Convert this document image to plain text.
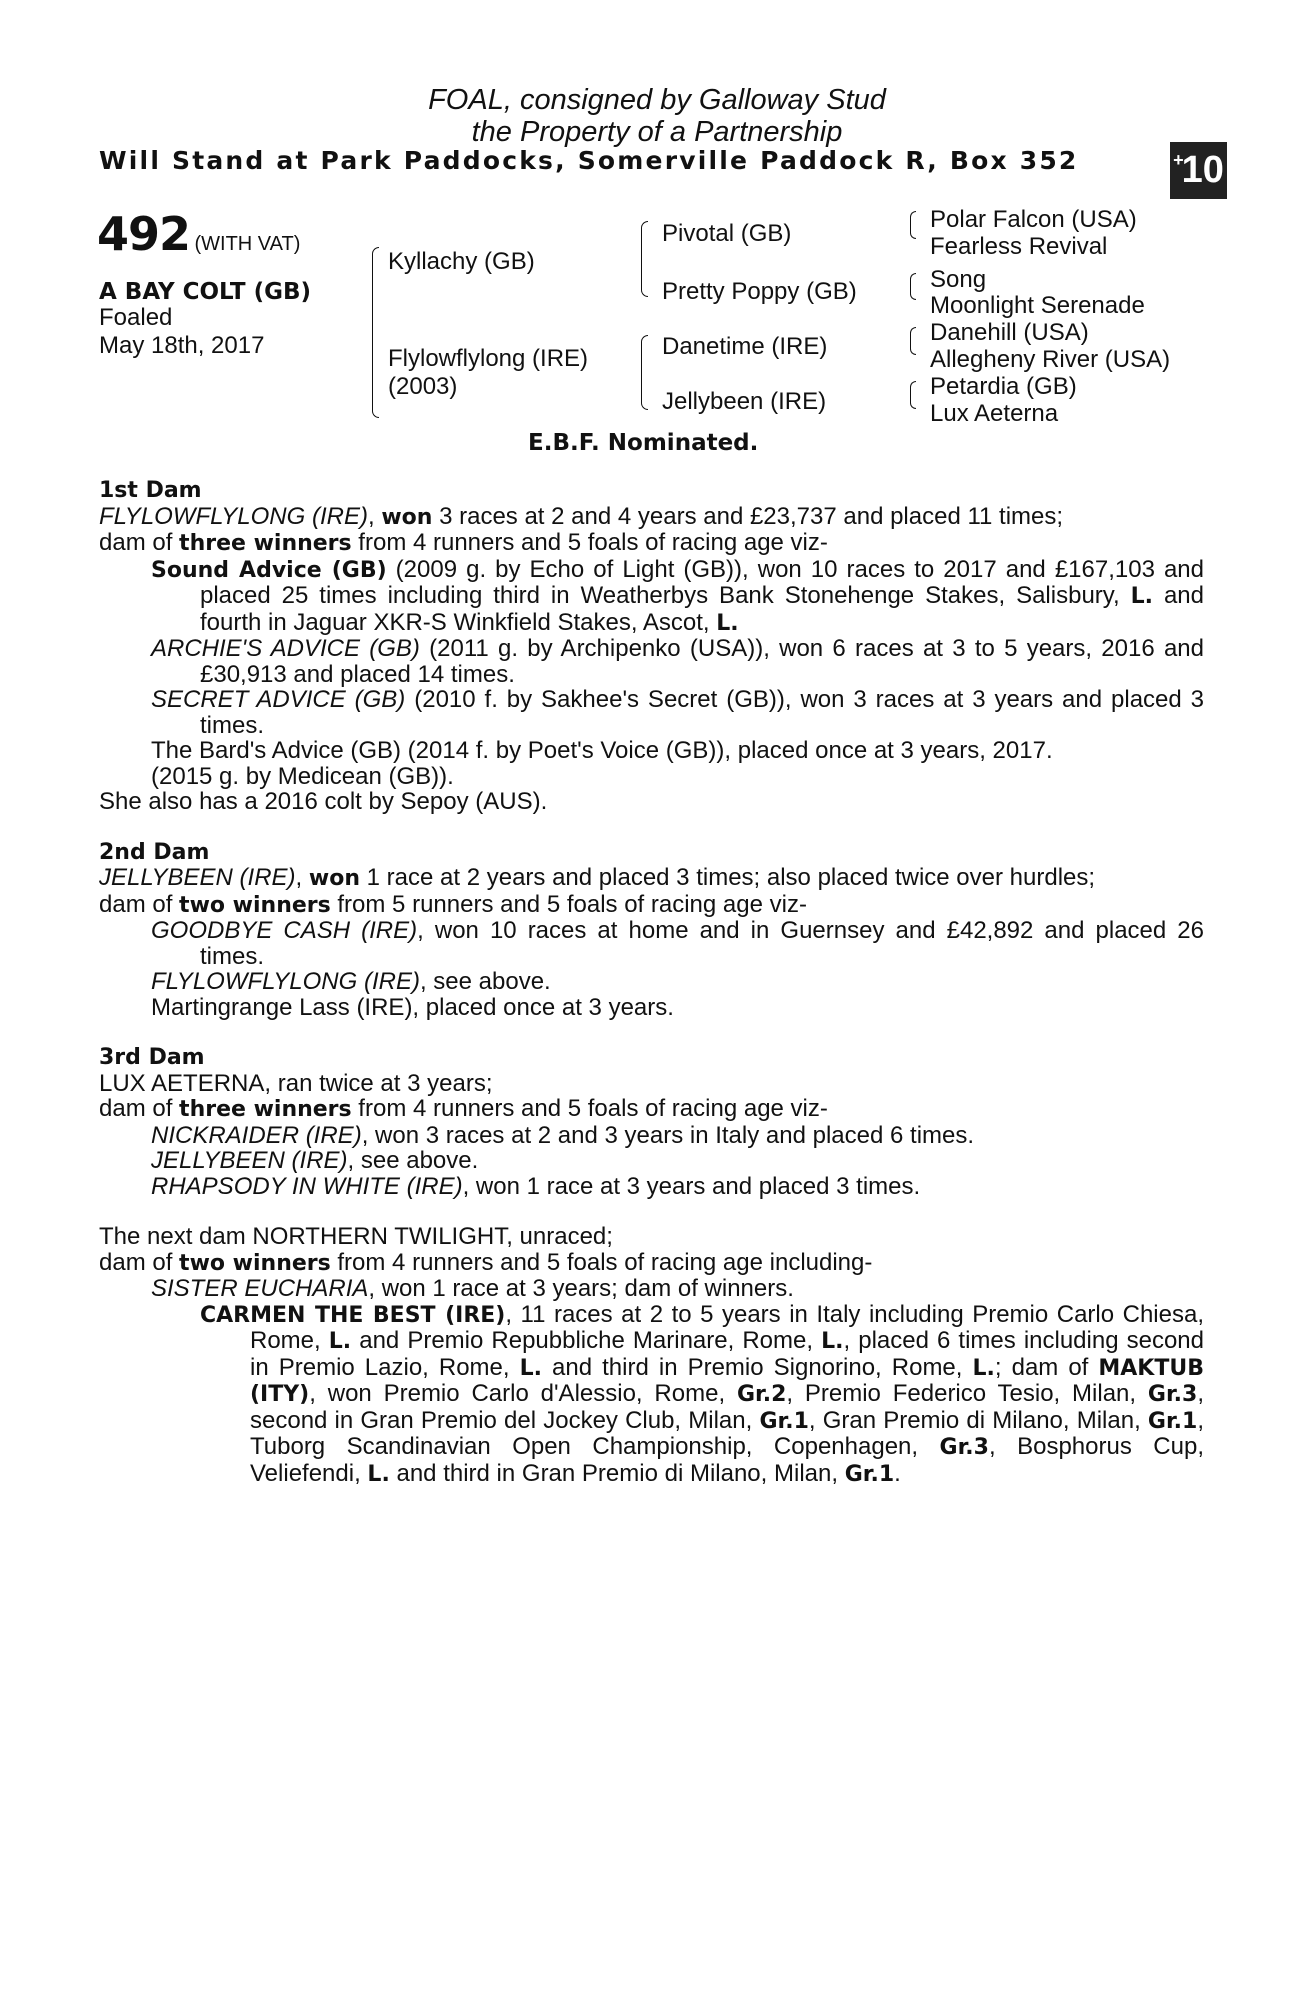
FOAL, consigned by Galloway Stud
the Property of a Partnership
Will Stand at Park Paddocks, Somerville Paddock R, Box 352	+
10
492 (WITH VAT)
A BAY COLT (GB)
Foaled
May 18th, 2017
Kyllachy (GB)
Flylowflylong (IRE)
(2003)
Pivotal (GB)
Pretty Poppy (GB)
Danetime (IRE)
Jellybeen (IRE)
Polar Falcon (USA)
Fearless Revival
Song
Moonlight Serenade
Danehill (USA)
Allegheny River (USA)
Petardia (GB)
Lux Aeterna
E.B.F. Nominated.

1st Dam

FLYLOWFLYLONG (IRE), won 3 races at 2 and 4 years and £23,737 and placed 11 times;

dam of three winners from 4 runners and 5 foals of racing age viz-

Sound Advice (GB) (2009 g. by Echo of Light (GB)), won 10 races to 2017 and £167,103 and placed 25 times including third in Weatherbys Bank Stonehenge Stakes, Salisbury, L. and fourth in Jaguar XKR-S Winkfield Stakes, Ascot, L.

ARCHIE'S ADVICE (GB) (2011 g. by Archipenko (USA)), won 6 races at 3 to 5 years, 2016 and £30,913 and placed 14 times.

SECRET ADVICE (GB) (2010 f. by Sakhee's Secret (GB)), won 3 races at 3 years and placed 3 times.

The Bard's Advice (GB) (2014 f. by Poet's Voice (GB)), placed once at 3 years, 2017.

(2015 g. by Medicean (GB)).

She also has a 2016 colt by Sepoy (AUS).

2nd Dam

JELLYBEEN (IRE), won 1 race at 2 years and placed 3 times; also placed twice over hurdles;

dam of two winners from 5 runners and 5 foals of racing age viz-

GOODBYE CASH (IRE), won 10 races at home and in Guernsey and £42,892 and placed 26 times.

FLYLOWFLYLONG (IRE), see above.

Martingrange Lass (IRE), placed once at 3 years.

3rd Dam

LUX AETERNA, ran twice at 3 years;

dam of three winners from 4 runners and 5 foals of racing age viz-

NICKRAIDER (IRE), won 3 races at 2 and 3 years in Italy and placed 6 times.

JELLYBEEN (IRE), see above.

RHAPSODY IN WHITE (IRE), won 1 race at 3 years and placed 3 times.

The next dam NORTHERN TWILIGHT, unraced;

dam of two winners from 4 runners and 5 foals of racing age including-

SISTER EUCHARIA, won 1 race at 3 years; dam of winners.

CARMEN THE BEST (IRE), 11 races at 2 to 5 years in Italy including Premio Carlo Chiesa, Rome, L. and Premio Repubbliche Marinare, Rome, L., placed 6 times including second in Premio Lazio, Rome, L. and third in Premio Signorino, Rome, L.; dam of MAKTUB (ITY), won Premio Carlo d'Alessio, Rome, Gr.2, Premio Federico Tesio, Milan, Gr.3, second in Gran Premio del Jockey Club, Milan, Gr.1, Gran Premio di Milano, Milan, Gr.1, Tuborg Scandinavian Open Championship, Copenhagen, Gr.3, Bosphorus Cup, Veliefendi, L. and third in Gran Premio di Milano, Milan, Gr.1.
